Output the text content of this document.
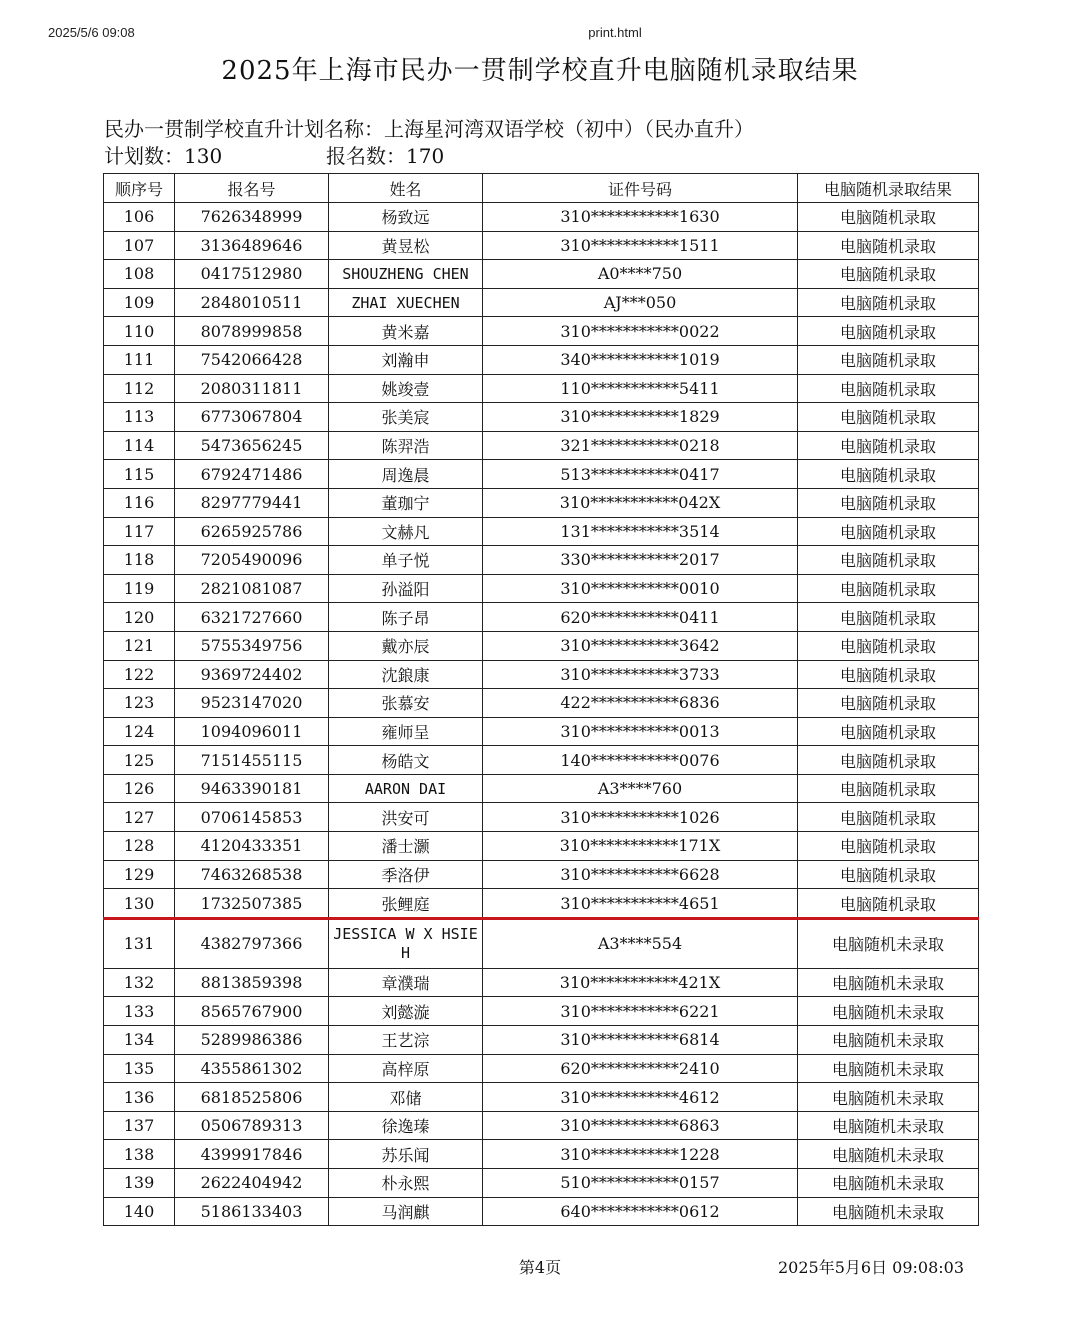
2025/5/6 09:08	print.html
2025年上海市民办一贯制学校直升电脑随机录取结果
民办一贯制学校直升计划名称：上海星河湾双语学校（初中）（民办直升）
计划数：130	报名数：170
顺序号	报名号	姓名	证件号码	电脑随机录取结果
106	7626348999	杨致远	310***********1630	电脑随机录取
107	3136489646	黄昱松	310***********1511	电脑随机录取
108	0417512980	SHOUZHENG CHEN	A0****750	电脑随机录取
109	2848010511	ZHAI XUECHEN	AJ***050	电脑随机录取
110	8078999858	黄米嘉	310***********0022	电脑随机录取
111	7542066428	刘瀚申	340***********1019	电脑随机录取
112	2080311811	姚竣壹	110***********5411	电脑随机录取
113	6773067804	张美宸	310***********1829	电脑随机录取
114	5473656245	陈羿浩	321***********0218	电脑随机录取
115	6792471486	周逸晨	513***********0417	电脑随机录取
116	8297779441	董珈宁	310***********042X	电脑随机录取
117	6265925786	文赫凡	131***********3514	电脑随机录取
118	7205490096	单子悦	330***********2017	电脑随机录取
119	2821081087	孙溢阳	310***********0010	电脑随机录取
120	6321727660	陈子昂	620***********0411	电脑随机录取
121	5755349756	戴亦辰	310***********3642	电脑随机录取
122	9369724402	沈鋃康	310***********3733	电脑随机录取
123	9523147020	张慕安	422***********6836	电脑随机录取
124	1094096011	雍师呈	310***********0013	电脑随机录取
125	7151455115	杨皓文	140***********0076	电脑随机录取
126	9463390181	AARON DAI	A3****760	电脑随机录取
127	0706145853	洪安可	310***********1026	电脑随机录取
128	4120433351	潘士灏	310***********171X	电脑随机录取
129	7463268538	季洛伊	310***********6628	电脑随机录取
130	1732507385	张鲤庭	310***********4651	电脑随机录取
131	4382797366	JESSICA W X HSIEH	A3****554	电脑随机未录取
132	8813859398	章濮瑞	310***********421X	电脑随机未录取
133	8565767900	刘懿漩	310***********6221	电脑随机未录取
134	5289986386	王艺淙	310***********6814	电脑随机未录取
135	4355861302	高梓原	620***********2410	电脑随机未录取
136	6818525806	邓储	310***********4612	电脑随机未录取
137	0506789313	徐逸瑧	310***********6863	电脑随机未录取
138	4399917846	苏乐闻	310***********1228	电脑随机未录取
139	2622404942	朴永熙	510***********0157	电脑随机未录取
140	5186133403	马润麒	640***********0612	电脑随机未录取
第4页	2025年5月6日 09:08:03
